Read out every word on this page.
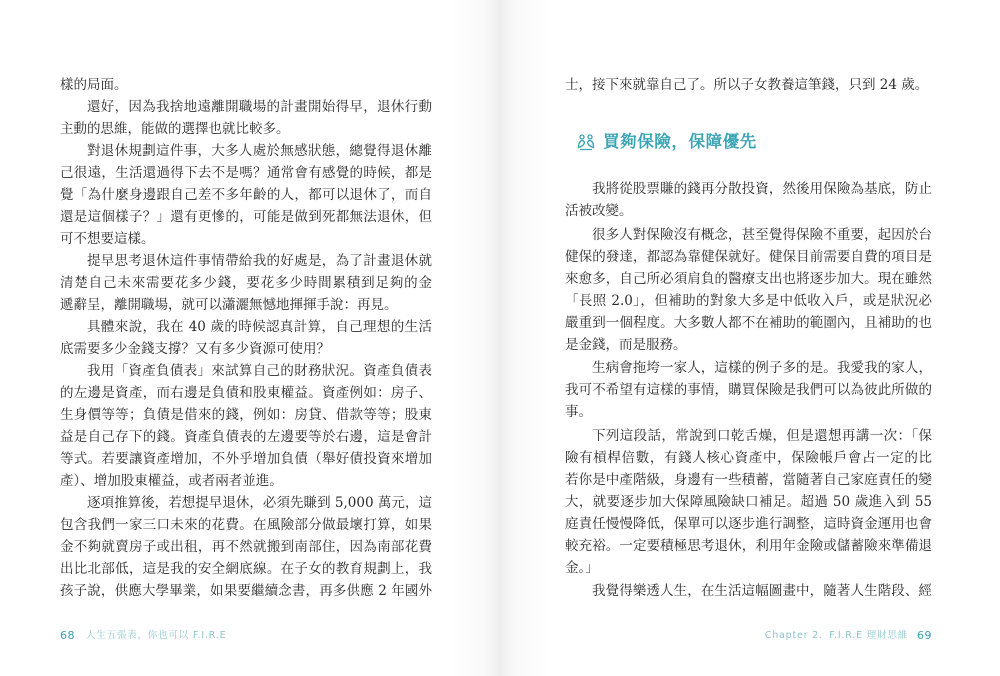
樣的局面。
還好，因為我捨地遠離開職場的計畫開始得早，退休行動
主動的思維，能做的選擇也就比較多。
對退休規劃這件事，大多人處於無感狀態，總覺得退休離
己很遠，生活還過得下去不是嗎？通常會有感覺的時候，都是
覺「為什麼身邊跟自己差不多年齡的人，都可以退休了，而自
還是這個樣子？」還有更慘的，可能是做到死都無法退休，但
可不想要這樣。
提早思考退休這件事情帶給我的好處是，為了計畫退休就
清楚自己未來需要花多少錢，要花多少時間累積到足夠的金
遞辭呈，離開職場，就可以瀟灑無憾地揮揮手說：再見。
具體來說，我在 40 歲的時候認真計算，自己理想的生活
底需要多少金錢支撐？又有多少資源可使用？
我用「資產負債表」來試算自己的財務狀況。資產負債表
的左邊是資產，而右邊是負債和股東權益。資產例如：房子、
生身價等等；負債是借來的錢，例如：房貸、借款等等；股東
益是自己存下的錢。資產負債表的左邊要等於右邊，這是會計
等式。若要讓資產增加，不外乎增加負債（舉好債投資來增加
產）、增加股東權益，或者兩者並進。
逐項推算後，若想提早退休，必須先賺到 5,000 萬元，這
包含我們一家三口未來的花費。在風險部分做最壞打算，如果
金不夠就賣房子或出租，再不然就搬到南部住，因為南部花費
出比北部低，這是我的安全網底線。在子女的教育規劃上，我
孩子說，供應大學畢業，如果要繼續念書，再多供應 2 年國外
68 人生五張表，你也可以 F.I.R.E
士，接下來就靠自己了。所以子女教養這筆錢，只到 24 歲。
買夠保險，保障優先
我將從股票賺的錢再分散投資，然後用保險為基底，防止
活被改變。
很多人對保險沒有概念，甚至覺得保險不重要，起因於台
健保的發達，都認為靠健保就好。健保目前需要自費的項目是
來愈多，自己所必須肩負的醫療支出也將逐步加大。現在雖然
「長照 2.0」，但補助的對象大多是中低收入戶，或是狀況必
嚴重到一個程度。大多數人都不在補助的範圍內，且補助的也
是金錢，而是服務。
生病會拖垮一家人，這樣的例子多的是。我愛我的家人，
我可不希望有這樣的事情，購買保險是我們可以為彼此所做的
事。
下列這段話，常說到口乾舌燥，但是還想再講一次：「保
險有槓桿倍數，有錢人核心資產中，保險帳戶會占一定的比
若你是中產階級，身邊有一些積蓄，當隨著自己家庭責任的變
大，就要逐步加大保障風險缺口補足。超過 50 歲進入到 55
庭責任慢慢降低，保單可以逐步進行調整，這時資金運用也會
較充裕。一定要積極思考退休，利用年金險或儲蓄險來準備退
金。」
我覺得樂透人生，在生活這幅圖畫中，隨著人生階段、經
Chapter 2．F.I.R.E 理財思維 69
